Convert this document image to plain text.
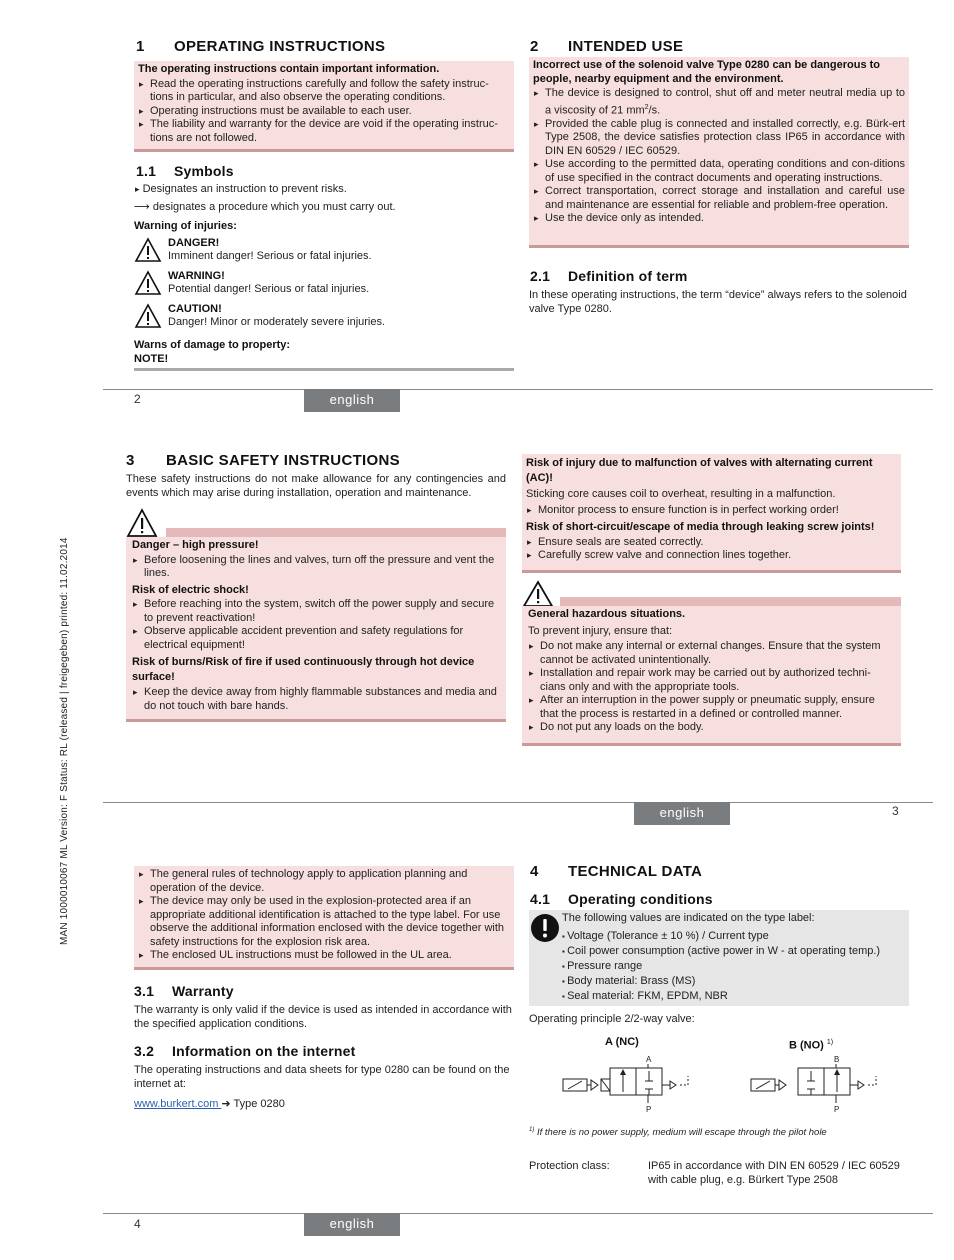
MAN 1000010067 ML Version: F Status: RL (released | freigegeben) printed: 11.02.2014
1 OPERATING INSTRUCTIONS
The operating instructions contain important information.
▸ Read the operating instructions carefully and follow the safety instruc-tions in particular, and also observe the operating conditions.
▸ Operating instructions must be available to each user.
▸ The liability and warranty for the device are void if the operating instruc-tions are not followed.
1.1 Symbols
▸ Designates an instruction to prevent risks.
⟶ designates a procedure which you must carry out.
Warning of injuries:
DANGER!
Imminent danger! Serious or fatal injuries.
WARNING!
Potential danger! Serious or fatal injuries.
CAUTION!
Danger! Minor or moderately severe injuries.
Warns of damage to property:
NOTE!
2 INTENDED USE
Incorrect use of the solenoid valve Type 0280 can be dangerous to people, nearby equipment and the environment.
▸ The device is designed to control, shut off and meter neutral media up to a viscosity of 21 $mm^2/s$.
▸ Provided the cable plug is connected and installed correctly, e.g. Bürk-ert Type 2508, the device satisfies protection class IP65 in accordance with DIN EN 60529 / IEC 60529.
▸ Use according to the permitted data, operating conditions and con-ditions of use specified in the contract documents and operating instructions.
▸ Correct transportation, correct storage and installation and careful use and maintenance are essential for reliable and problem-free operation.
▸ Use the device only as intended.
2.1 Definition of term
In these operating instructions, the term “device” always refers to the solenoid valve Type 0280.
2	english
3 BASIC SAFETY INSTRUCTIONS
These safety instructions do not make allowance for any contingencies and events which may arise during installation, operation and maintenance.
Danger – high pressure!
▸ Before loosening the lines and valves, turn off the pressure and vent the lines.
Risk of electric shock!
▸ Before reaching into the system, switch off the power supply and secure to prevent reactivation!
▸ Observe applicable accident prevention and safety regulations for electrical equipment!
Risk of burns/Risk of fire if used continuously through hot device surface!
▸ Keep the device away from highly flammable substances and media and do not touch with bare hands.
Risk of injury due to malfunction of valves with alternating current (AC)!
Sticking core causes coil to overheat, resulting in a malfunction.
▸ Monitor process to ensure function is in perfect working order!
Risk of short-circuit/escape of media through leaking screw joints!
▸ Ensure seals are seated correctly.
▸ Carefully screw valve and connection lines together.
General hazardous situations.
To prevent injury, ensure that:
▸ Do not make any internal or external changes. Ensure that the system cannot be activated unintentionally.
▸ Installation and repair work may be carried out by authorized techni-cians only and with the appropriate tools.
▸ After an interruption in the power supply or pneumatic supply, ensure that the process is restarted in a defined or controlled manner.
▸ Do not put any loads on the body.
english	3
▸ The general rules of technology apply to application planning and operation of the device.
▸ The device may only be used in the explosion-protected area if an appropriate additional identification is attached to the type label. For use observe the additional information enclosed with the device together with safety instructions for the explosion risk area.
▸ The enclosed UL instructions must be followed in the UL area.
3.1 Warranty
The warranty is only valid if the device is used as intended in accordance with the specified application conditions.
3.2 Information on the internet
The operating instructions and data sheets for type 0280 can be found on the internet at:
www.burkert.com ➜ Type 0280
4 TECHNICAL DATA
4.1 Operating conditions
The following values are indicated on the type label:
▪ Voltage (Tolerance ± 10 %) / Current type
▪ Coil power consumption (active power in W - at operating temp.)
▪ Pressure range
▪ Body material: Brass (MS)
▪ Seal material: FKM, EPDM, NBR
Operating principle 2/2-way valve:
A (NC)	B (NO) $^{1)}$
A
P
B
P
$^{1)}$ If there is no power supply, medium will escape through the pilot hole
Protection class:	IP65 in accordance with DIN EN 60529 / IEC 60529 with cable plug, e.g. Bürkert Type 2508
4	english
